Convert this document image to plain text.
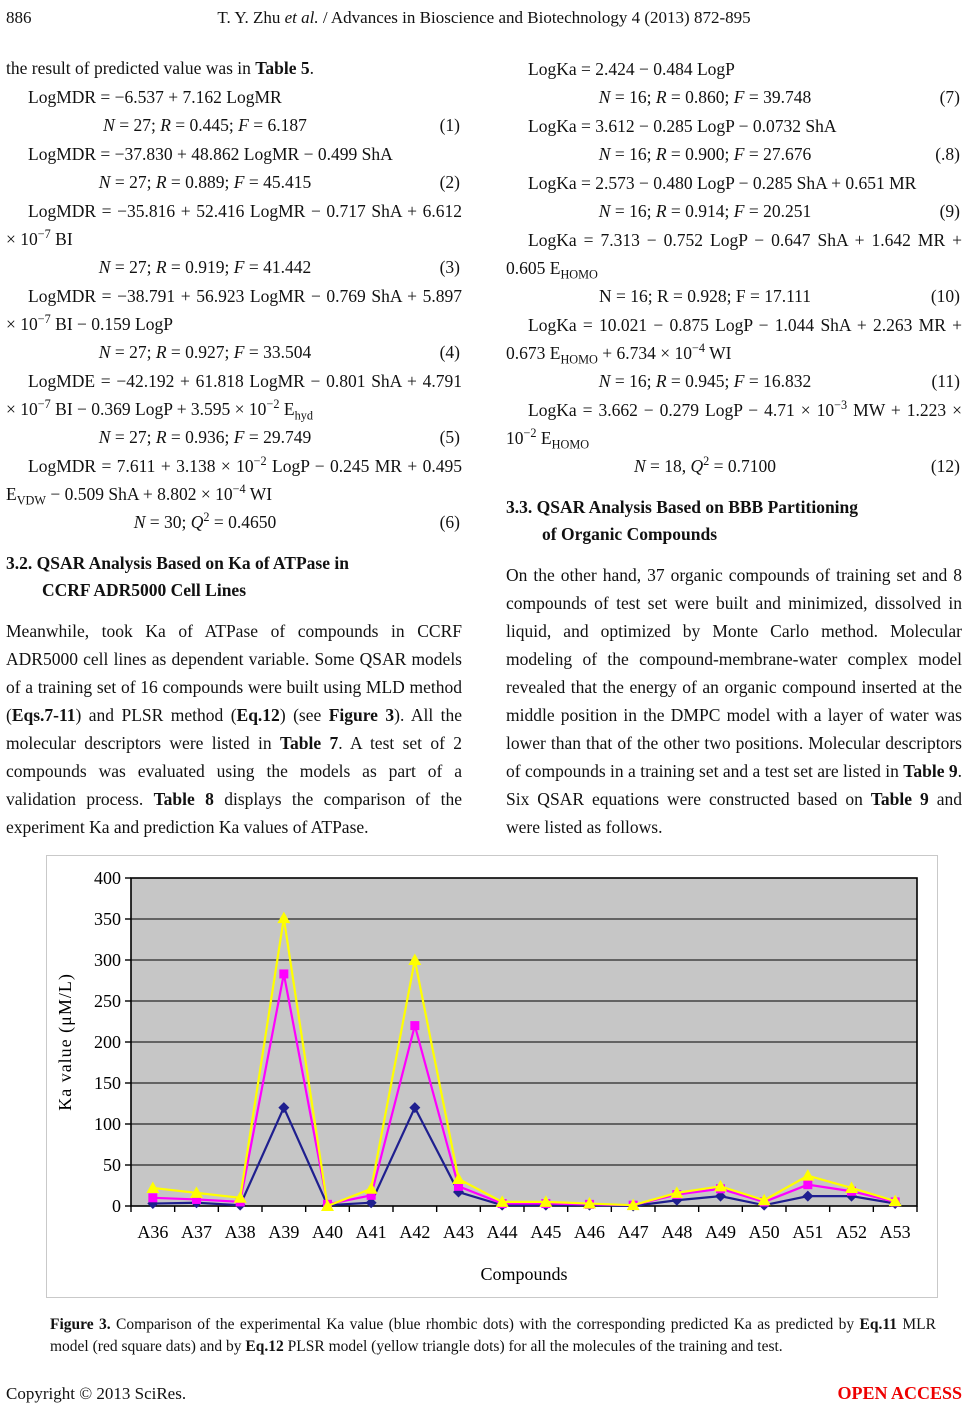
886	T. Y. Zhu et al. / Advances in Bioscience and Biotechnology 4 (2013) 872-895

the result of predicted value was in Table 5.

LogMDR = −6.537 + 7.162 LogMR
N = 27; R = 0.445; F = 6.187	(1)
LogMDR = −37.830 + 48.862 LogMR − 0.499 ShA
N = 27; R = 0.889; F = 45.415	(2)
LogMDR = −35.816 + 52.416 LogMR − 0.717 ShA + $6.612 \times 10^{-7}$ BI
N = 27; R = 0.919; F = 41.442	(3)
LogMDR = −38.791 + 56.923 LogMR − 0.769 ShA + $5.897 \times 10^{-7}$ BI − 0.159 LogP
N = 27; R = 0.927; F = 33.504	(4)
LogMDE = −42.192 + 61.818 LogMR − 0.801 ShA + $4.791 \times 10^{-7}$ BI − 0.369 LogP + $3.595 \times 10^{-2}$ $E_{hyd}$
N = 27; R = 0.936; F = 29.749	(5)
LogMDR = $7.611 + 3.138 \times 10^{-2}$ LogP − 0.245 MR + 0.495 $E_{VDW} - 0.509$ ShA + $8.802 \times 10^{-4}$ WI
N = 30; $Q^2 = 0.4650$	(6)
3.2. QSAR Analysis Based on Ka of ATPase in
CCRF ADR5000 Cell Lines

Meanwhile, took Ka of ATPase of compounds in CCRF ADR5000 cell lines as dependent variable. Some QSAR models of a training set of 16 compounds were built using MLD method (Eqs.7-11) and PLSR method (Eq.12) (see Figure 3). All the molecular descriptors were listed in Table 7. A test set of 2 compounds was evaluated using the models as part of a validation process. Table 8 displays the comparison of the experiment Ka and prediction Ka values of ATPase.

LogKa = 2.424 − 0.484 LogP
N = 16; R = 0.860; F = 39.748	(7)
LogKa = 3.612 − 0.285 LogP − 0.0732 ShA
N = 16; R = 0.900; F = 27.676	(.8)
LogKa = 2.573 − 0.480 LogP − 0.285 ShA + 0.651 MR
N = 16; R = 0.914; F = 20.251	(9)
LogKa = 7.313 − 0.752 LogP − 0.647 ShA + 1.642 MR + 0.605 $E_{HOMO}$
N = 16; R = 0.928; F = 17.111	(10)
LogKa = 10.021 − 0.875 LogP − 1.044 ShA + 2.263 MR + 0.673 $E_{HOMO} + 6.734 \times 10^{-4}$ WI
N = 16; R = 0.945; F = 16.832	(11)
LogKa = 3.662 − 0.279 LogP − $4.71 \times 10^{-3}$ MW + $1.223 \times 10^{-2}$ $E_{HOMO}$
N = 18, $Q^2 = 0.7100$	(12)
3.3. QSAR Analysis Based on BBB Partitioning
of Organic Compounds

On the other hand, 37 organic compounds of training set and 8 compounds of test set were built and minimized, dissolved in liquid, and optimized by Monte Carlo method. Molecular modeling of the compound-membrane-water complex model revealed that the energy of an organic compound inserted at the middle position in the DMPC model with a layer of water was lower than that of the other two positions. Molecular descriptors of compounds in a training set and a test set are listed in Table 9. Six QSAR equations were constructed based on Table 9 and were listed as follows.

0
50
100
150
200
250
300
350
400
A36 A37 A38 A39 A40 A41 A42 A43 A44 A45 A46 A47 A48 A49 A50 A51 A52 A53
Compounds
Ka value (μM/L)

Figure 3. Comparison of the experimental Ka value (blue rhombic dots) with the corresponding predicted Ka as predicted by Eq.11 MLR model (red square dats) and by Eq.12 PLSR model (yellow triangle dots) for all the molecules of the training and test.

Copyright © 2013 SciRes.	OPEN ACCESS
